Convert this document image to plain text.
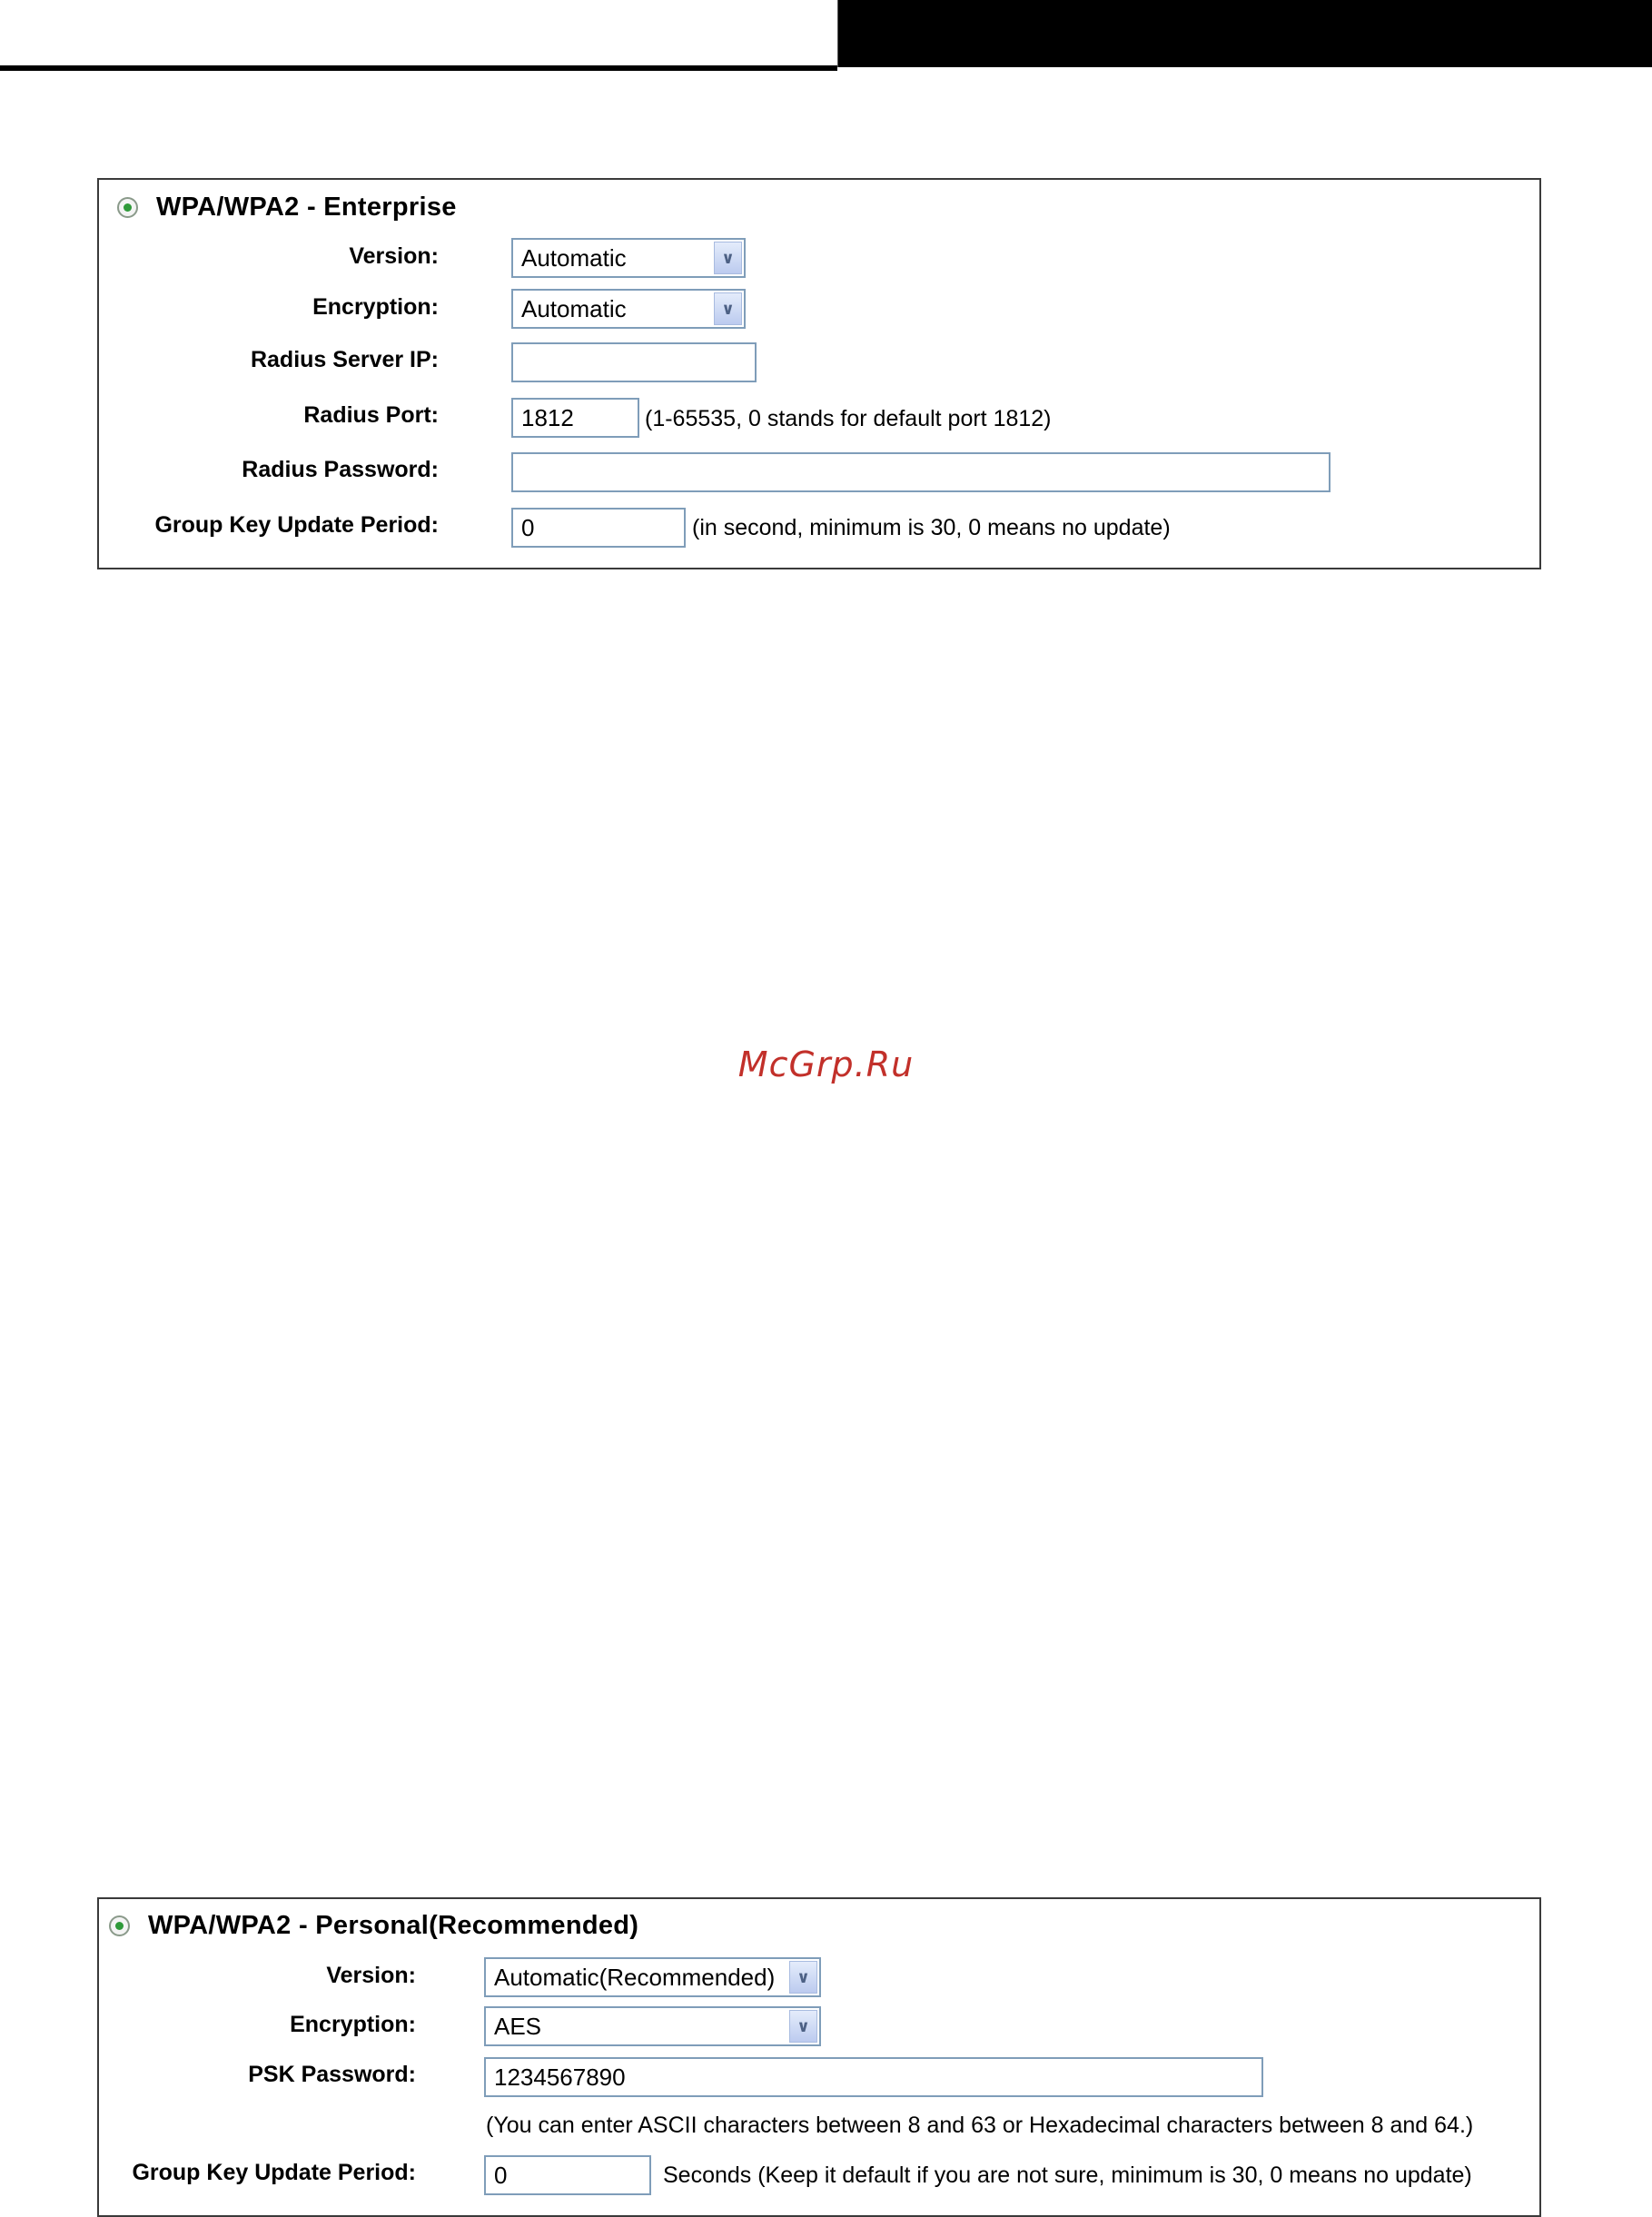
WPA/WPA2 - Enterprise
Version:	Automatic	∨
Encryption:	Automatic	∨
Radius Server IP:
Radius Port:	1812	(1-65535, 0 stands for default port 1812)
Radius Password:
Group Key Update Period:	0	(in second, minimum is 30, 0 means no update)
McGrp.Ru
WPA/WPA2 - Personal(Recommended)
Version:	Automatic(Recommended)	∨
Encryption:	AES	∨
PSK Password:	1234567890
(You can enter ASCII characters between 8 and 63 or Hexadecimal characters between 8 and 64.)
Group Key Update Period:	0	Seconds (Keep it default if you are not sure, minimum is 30, 0 means no update)
